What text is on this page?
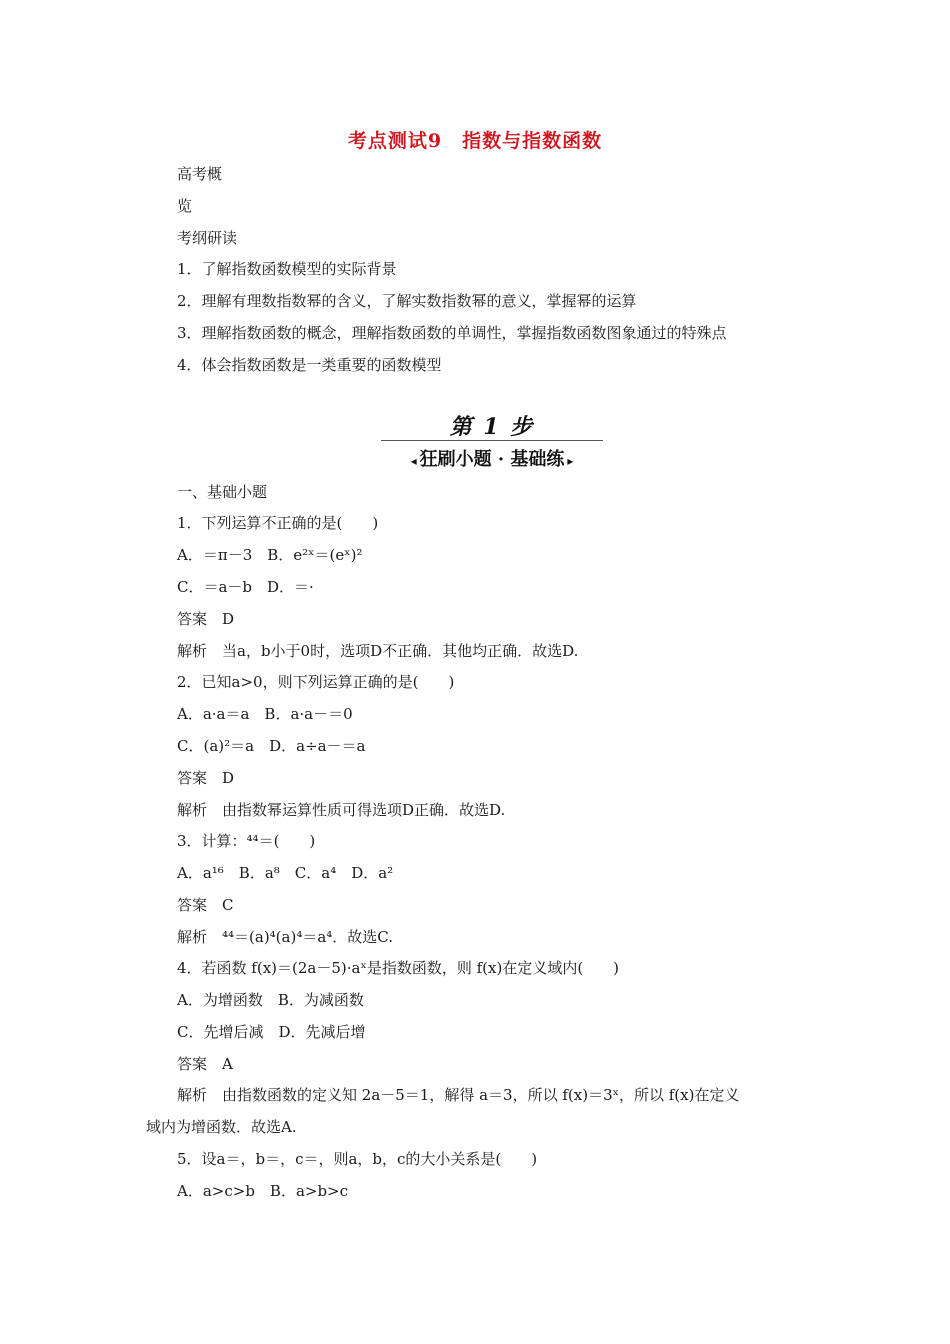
考点测试9　指数与指数函数
高考概
览
考纲研读
1．了解指数函数模型的实际背景
2．理解有理数指数幂的含义，了解实数指数幂的意义，掌握幂的运算
3．理解指数函数的概念，理解指数函数的单调性，掌握指数函数图象通过的特殊点
4．体会指数函数是一类重要的函数模型
第 1 步
◂ 狂刷小题 · 基础练 ▸
一、基础小题
1．下列运算不正确的是(　　)
A．＝π－3　B．e²ˣ＝(eˣ)²
C．＝a－b　D．＝·
答案　D
解析　当a，b小于0时，选项D不正确．其他均正确．故选D.
2．已知a>0，则下列运算正确的是(　　)
A．a·a＝a　B．a·a－＝0
C．(a)²＝a　D．a÷a－＝a
答案　D
解析　由指数幂运算性质可得选项D正确．故选D.
3．计算：⁴⁴＝(　　)
A．a¹⁶　B．a⁸　C．a⁴　D．a²
答案　C
解析　⁴⁴＝(a)⁴(a)⁴＝a⁴．故选C.
4．若函数 f(x)＝(2a－5)·aˣ是指数函数，则 f(x)在定义域内(　　)
A．为增函数　B．为减函数
C．先增后减　D．先减后增
答案　A
解析　由指数函数的定义知 2a－5＝1，解得 a＝3，所以 f(x)＝3ˣ，所以 f(x)在定义
域内为增函数．故选A.
5．设a＝，b＝，c＝，则a，b，c的大小关系是(　　)
A．a>c>b　B．a>b>c
